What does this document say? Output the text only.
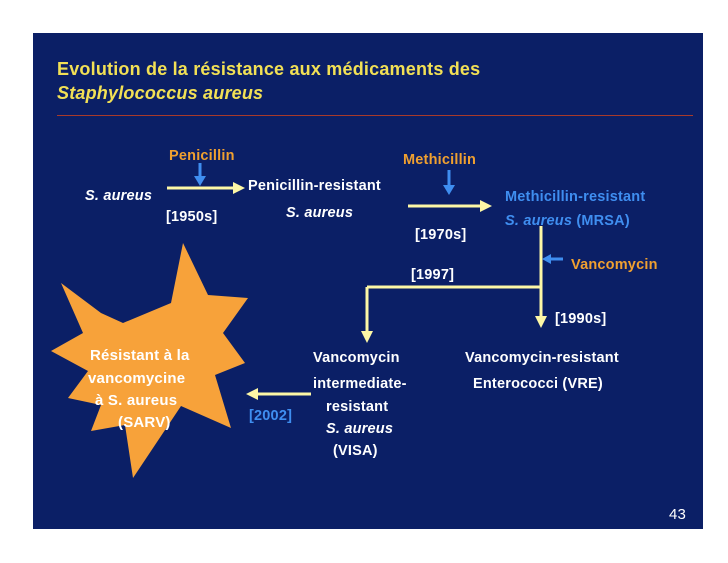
Evolution de la résistance aux médicaments des
Staphylococcus aureus
Penicillin	Methicillin
Vancomycin
S. aureus
[1950s]
Penicillin-resistant
S. aureus
[1970s]
Methicillin-resistant
S. aureus (MRSA)
[1997]
[1990s]
Vancomycin
intermediate-
resistant
S. aureus
(VISA)
Vancomycin-resistant
Enterococci (VRE)
[2002]
Résistant à la
vancomycine
à S. aureus
(SARV)
43
